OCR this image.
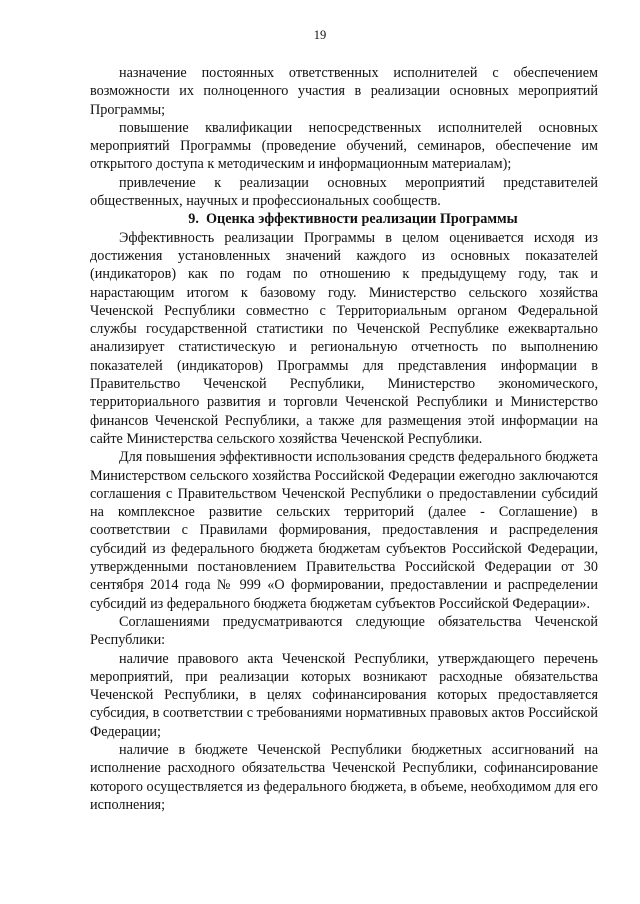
19

назначение постоянных ответственных исполнителей с обеспечением возможности их полноценного участия в реализации основных мероприятий Программы;

повышение квалификации непосредственных исполнителей основных мероприятий Программы (проведение обучений, семинаров, обеспечение им открытого доступа к методическим и информационным материалам);

привлечение к реализации основных мероприятий представителей общественных, научных и профессиональных сообществ.

9.  Оценка эффективности реализации Программы

Эффективность реализации Программы в целом оценивается исходя из достижения установленных значений каждого из основных показателей (индикаторов) как по годам по отношению к предыдущему году, так и нарастающим итогом к базовому году. Министерство сельского хозяйства Чеченской Республики совместно с Территориальным органом Федеральной службы государственной статистики по Чеченской Республике ежеквартально анализирует статистическую и региональную отчетность по выполнению показателей (индикаторов) Программы для представления информации в Правительство Чеченской Республики, Министерство экономического, территориального развития и торговли Чеченской Республики и Министерство финансов Чеченской Республики, а также для размещения этой информации на сайте Министерства сельского хозяйства Чеченской Республики.

Для повышения эффективности использования средств федерального бюджета Министерством сельского хозяйства Российской Федерации ежегодно заключаются соглашения с Правительством Чеченской Республики о предоставлении субсидий на комплексное развитие сельских территорий (далее - Соглашение) в соответствии с Правилами формирования, предоставления и распределения субсидий из федерального бюджета бюджетам субъектов Российской Федерации, утвержденными постановлением Правительства Российской Федерации от 30 сентября 2014 года № 999 «О формировании, предоставлении и распределении субсидий из федерального бюджета бюджетам субъектов Российской Федерации».

Соглашениями предусматриваются следующие обязательства Чеченской Республики:

наличие правового акта Чеченской Республики, утверждающего перечень мероприятий, при реализации которых возникают расходные обязательства Чеченской Республики, в целях софинансирования которых предоставляется субсидия, в соответствии с требованиями нормативных правовых актов Российской Федерации;

наличие в бюджете Чеченской Республики бюджетных ассигнований на исполнение расходного обязательства Чеченской Республики, софинансирование которого осуществляется из федерального бюджета, в объеме, необходимом для его исполнения;
